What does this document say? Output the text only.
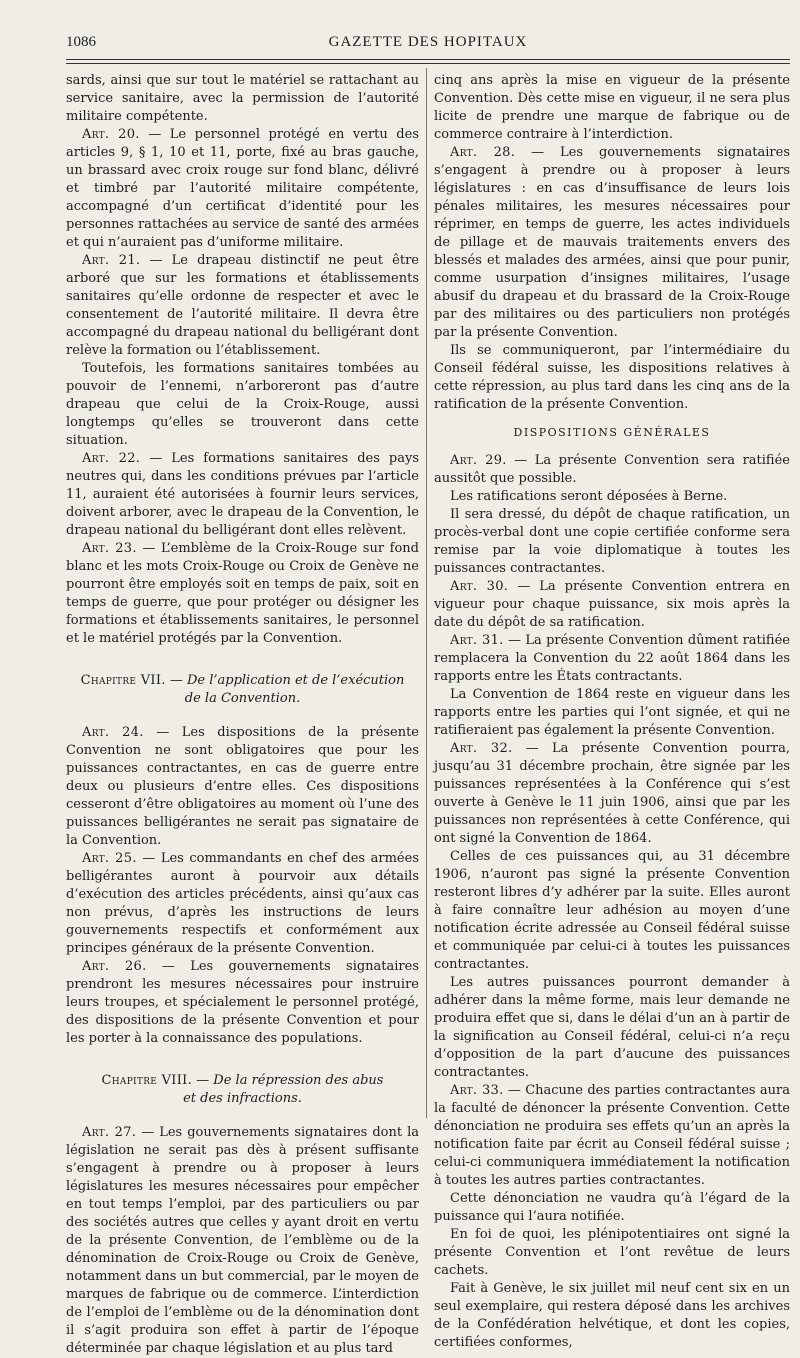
1086	GAZETTE DES HOPITAUX

sards, ainsi que sur tout le matériel se rattachant au service sanitaire, avec la permission de l’autorité militaire compétente.

Art. 20. — Le personnel protégé en vertu des articles 9, § 1, 10 et 11, porte, fixé au bras gauche, un brassard avec croix rouge sur fond blanc, délivré et timbré par l’autorité militaire compétente, accompagné d’un certificat d’identité pour les personnes rattachées au service de santé des armées et qui n’auraient pas d’uniforme militaire.

Art. 21. — Le drapeau distinctif ne peut être arboré que sur les formations et établissements sanitaires qu’elle ordonne de respecter et avec le consentement de l’autorité militaire. Il devra être accompagné du drapeau national du belligérant dont relève la formation ou l’établissement.

Toutefois, les formations sanitaires tombées au pouvoir de l’ennemi, n’arboreront pas d’autre drapeau que celui de la Croix-Rouge, aussi longtemps qu’elles se trouveront dans cette situation.

Art. 22. — Les formations sanitaires des pays neutres qui, dans les conditions prévues par l’article 11, auraient été autorisées à fournir leurs services, doivent arborer, avec le drapeau de la Convention, le drapeau national du belligérant dont elles relèvent.

Art. 23. — L’emblème de la Croix-Rouge sur fond blanc et les mots Croix-Rouge ou Croix de Genève ne pourront être employés soit en temps de paix, soit en temps de guerre, que pour protéger ou désigner les formations et établissements sanitaires, le personnel et le matériel protégés par la Convention.

Chapitre VII. — De l’application et de l’exécution

de la Convention.

Art. 24. — Les dispositions de la présente Convention ne sont obligatoires que pour les puissances contractantes, en cas de guerre entre deux ou plusieurs d’entre elles. Ces dispositions cesseront d’être obligatoires au moment où l’une des puissances belligérantes ne serait pas signataire de la Convention.

Art. 25. — Les commandants en chef des armées belligérantes auront à pourvoir aux détails d’exécution des articles précédents, ainsi qu’aux cas non prévus, d’après les instructions de leurs gouvernements respectifs et conformément aux principes généraux de la présente Convention.

Art. 26. — Les gouvernements signataires prendront les mesures nécessaires pour instruire leurs troupes, et spécialement le personnel protégé, des dispositions de la présente Convention et pour les porter à la connaissance des populations.

Chapitre VIII. — De la répression des abus

et des infractions.

Art. 27. — Les gouvernements signataires dont la législation ne serait pas dès à présent suffisante s’engagent à prendre ou à proposer à leurs législatures les mesures nécessaires pour empêcher en tout temps l’emploi, par des particuliers ou par des sociétés autres que celles y ayant droit en vertu de la présente Convention, de l’emblème ou de la dénomination de Croix-Rouge ou Croix de Genève, notamment dans un but commercial, par le moyen de marques de fabrique ou de commerce. L’interdiction de l’emploi de l’emblème ou de la dénomination dont il s’agit produira son effet à partir de l’époque déterminée par chaque législation et au plus tard

cinq ans après la mise en vigueur de la présente Convention. Dès cette mise en vigueur, il ne sera plus licite de prendre une marque de fabrique ou de commerce contraire à l’interdiction.

Art. 28. — Les gouvernements signataires s’engagent à prendre ou à proposer à leurs législatures : en cas d’insuffisance de leurs lois pénales militaires, les mesures nécessaires pour réprimer, en temps de guerre, les actes individuels de pillage et de mauvais traitements envers des blessés et malades des armées, ainsi que pour punir, comme usurpation d’insignes militaires, l’usage abusif du drapeau et du brassard de la Croix-Rouge par des militaires ou des particuliers non protégés par la présente Convention.

Ils se communiqueront, par l’intermédiaire du Conseil fédéral suisse, les dispositions relatives à cette répression, au plus tard dans les cinq ans de la ratification de la présente Convention.

DISPOSITIONS GÉNÉRALES

Art. 29. — La présente Convention sera ratifiée aussitôt que possible.

Les ratifications seront déposées à Berne.

Il sera dressé, du dépôt de chaque ratification, un procès-verbal dont une copie certifiée conforme sera remise par la voie diplomatique à toutes les puissances contractantes.

Art. 30. — La présente Convention entrera en vigueur pour chaque puissance, six mois après la date du dépôt de sa ratification.

Art. 31. — La présente Convention dûment ratifiée remplacera la Convention du 22 août 1864 dans les rapports entre les États contractants.

La Convention de 1864 reste en vigueur dans les rapports entre les parties qui l’ont signée, et qui ne ratifieraient pas également la présente Convention.

Art. 32. — La présente Convention pourra, jusqu’au 31 décembre prochain, être signée par les puissances représentées à la Conférence qui s’est ouverte à Genève le 11 juin 1906, ainsi que par les puissances non représentées à cette Conférence, qui ont signé la Convention de 1864.

Celles de ces puissances qui, au 31 décembre 1906, n’auront pas signé la présente Convention resteront libres d’y adhérer par la suite. Elles auront à faire connaître leur adhésion au moyen d’une notification écrite adressée au Conseil fédéral suisse et communiquée par celui-ci à toutes les puissances contractantes.

Les autres puissances pourront demander à adhérer dans la même forme, mais leur demande ne produira effet que si, dans le délai d’un an à partir de la signification au Conseil fédéral, celui-ci n’a reçu d’opposition de la part d’aucune des puissances contractantes.

Art. 33. — Chacune des parties contractantes aura la faculté de dénoncer la présente Convention. Cette dénonciation ne produira ses effets qu’un an après la notification faite par écrit au Conseil fédéral suisse ; celui-ci communiquera immédiatement la notification à toutes les autres parties contractantes.

Cette dénonciation ne vaudra qu’à l’égard de la puissance qui l’aura notifiée.

En foi de quoi, les plénipotentiaires ont signé la présente Convention et l’ont revêtue de leurs cachets.

Fait à Genève, le six juillet mil neuf cent six en un seul exemplaire, qui restera déposé dans les archives de la Confédération helvétique, et dont les copies, certifiées conformes,
